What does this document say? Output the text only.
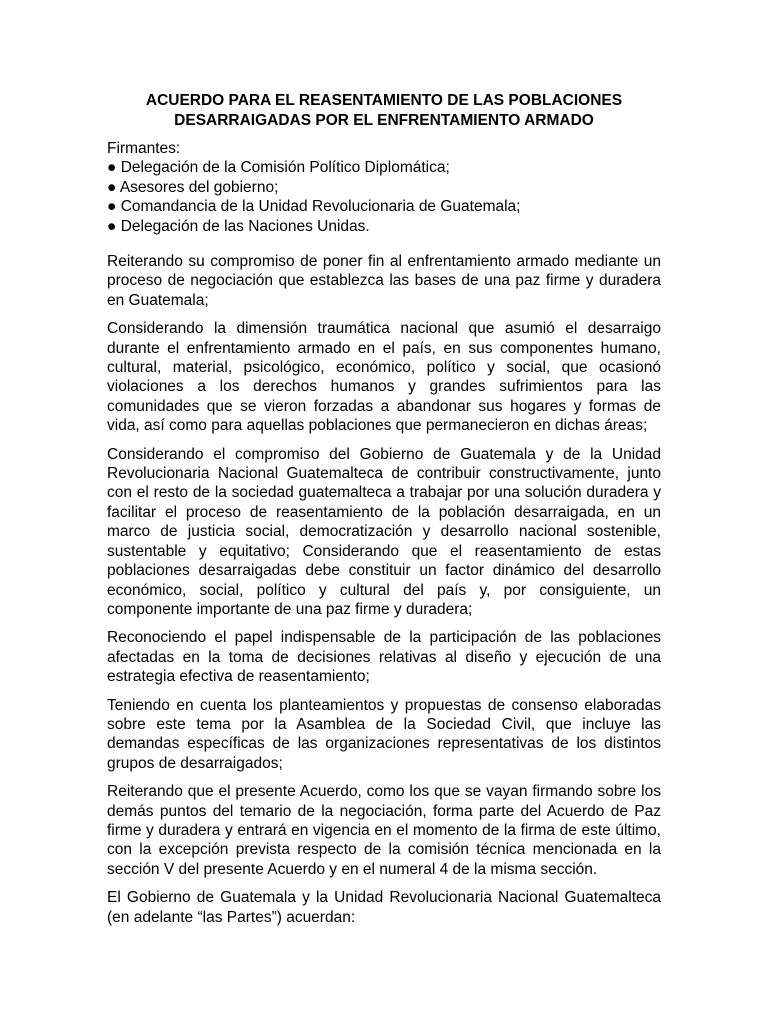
ACUERDO PARA EL REASENTAMIENTO DE LAS POBLACIONES
DESARRAIGADAS POR EL ENFRENTAMIENTO ARMADO
Firmantes:
● Delegación de la Comisión Político Diplomática;
● Asesores del gobierno;
● Comandancia de la Unidad Revolucionaria de Guatemala;
● Delegación de las Naciones Unidas.

Reiterando su compromiso de poner fin al enfrentamiento armado mediante un proceso de negociación que establezca las bases de una paz firme y duradera en Guatemala;

Considerando la dimensión traumática nacional que asumió el desarraigo durante el enfrentamiento armado en el país, en sus componentes humano, cultural, material, psicológico, económico, político y social, que ocasionó violaciones a los derechos humanos y grandes sufrimientos para las comunidades que se vieron forzadas a abandonar sus hogares y formas de vida, así como para aquellas poblaciones que permanecieron en dichas áreas;

Considerando el compromiso del Gobierno de Guatemala y de la Unidad Revolucionaria Nacional Guatemalteca de contribuir constructivamente, junto con el resto de la sociedad guatemalteca a trabajar por una solución duradera y facilitar el proceso de reasentamiento de la población desarraigada, en un marco de justicia social, democratización y desarrollo nacional sostenible, sustentable y equitativo; Considerando que el reasentamiento de estas poblaciones desarraigadas debe constituir un factor dinámico del desarrollo económico, social, político y cultural del país y, por consiguiente, un componente importante de una paz firme y duradera;

Reconociendo el papel indispensable de la participación de las poblaciones afectadas en la toma de decisiones relativas al diseño y ejecución de una estrategia efectiva de reasentamiento;

Teniendo en cuenta los planteamientos y propuestas de consenso elaboradas sobre este tema por la Asamblea de la Sociedad Civil, que incluye las demandas específicas de las organizaciones representativas de los distintos grupos de desarraigados;

Reiterando que el presente Acuerdo, como los que se vayan firmando sobre los demás puntos del temario de la negociación, forma parte del Acuerdo de Paz firme y duradera y entrará en vigencia en el momento de la firma de este último, con la excepción prevista respecto de la comisión técnica mencionada en la sección V del presente Acuerdo y en el numeral 4 de la misma sección.

El Gobierno de Guatemala y la Unidad Revolucionaria Nacional Guatemalteca (en adelante “las Partes”) acuerdan:
